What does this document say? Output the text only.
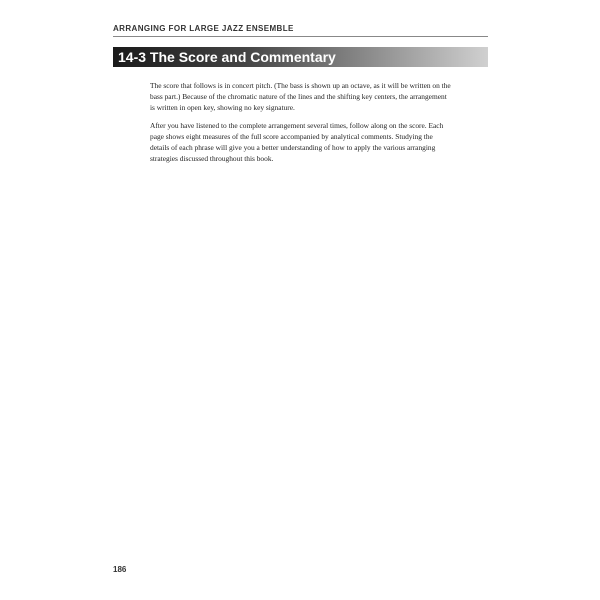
ARRANGING FOR LARGE JAZZ ENSEMBLE
14-3 The Score and Commentary

The score that follows is in concert pitch. (The bass is shown up an octave, as it will be written on the bass part.) Because of the chromatic nature of the lines and the shifting key centers, the arrangement is written in open key, showing no key signature.

After you have listened to the complete arrangement several times, follow along on the score. Each page shows eight measures of the full score accompanied by analytical comments. Studying the details of each phrase will give you a better understanding of how to apply the various arranging strategies discussed throughout this book.

186
